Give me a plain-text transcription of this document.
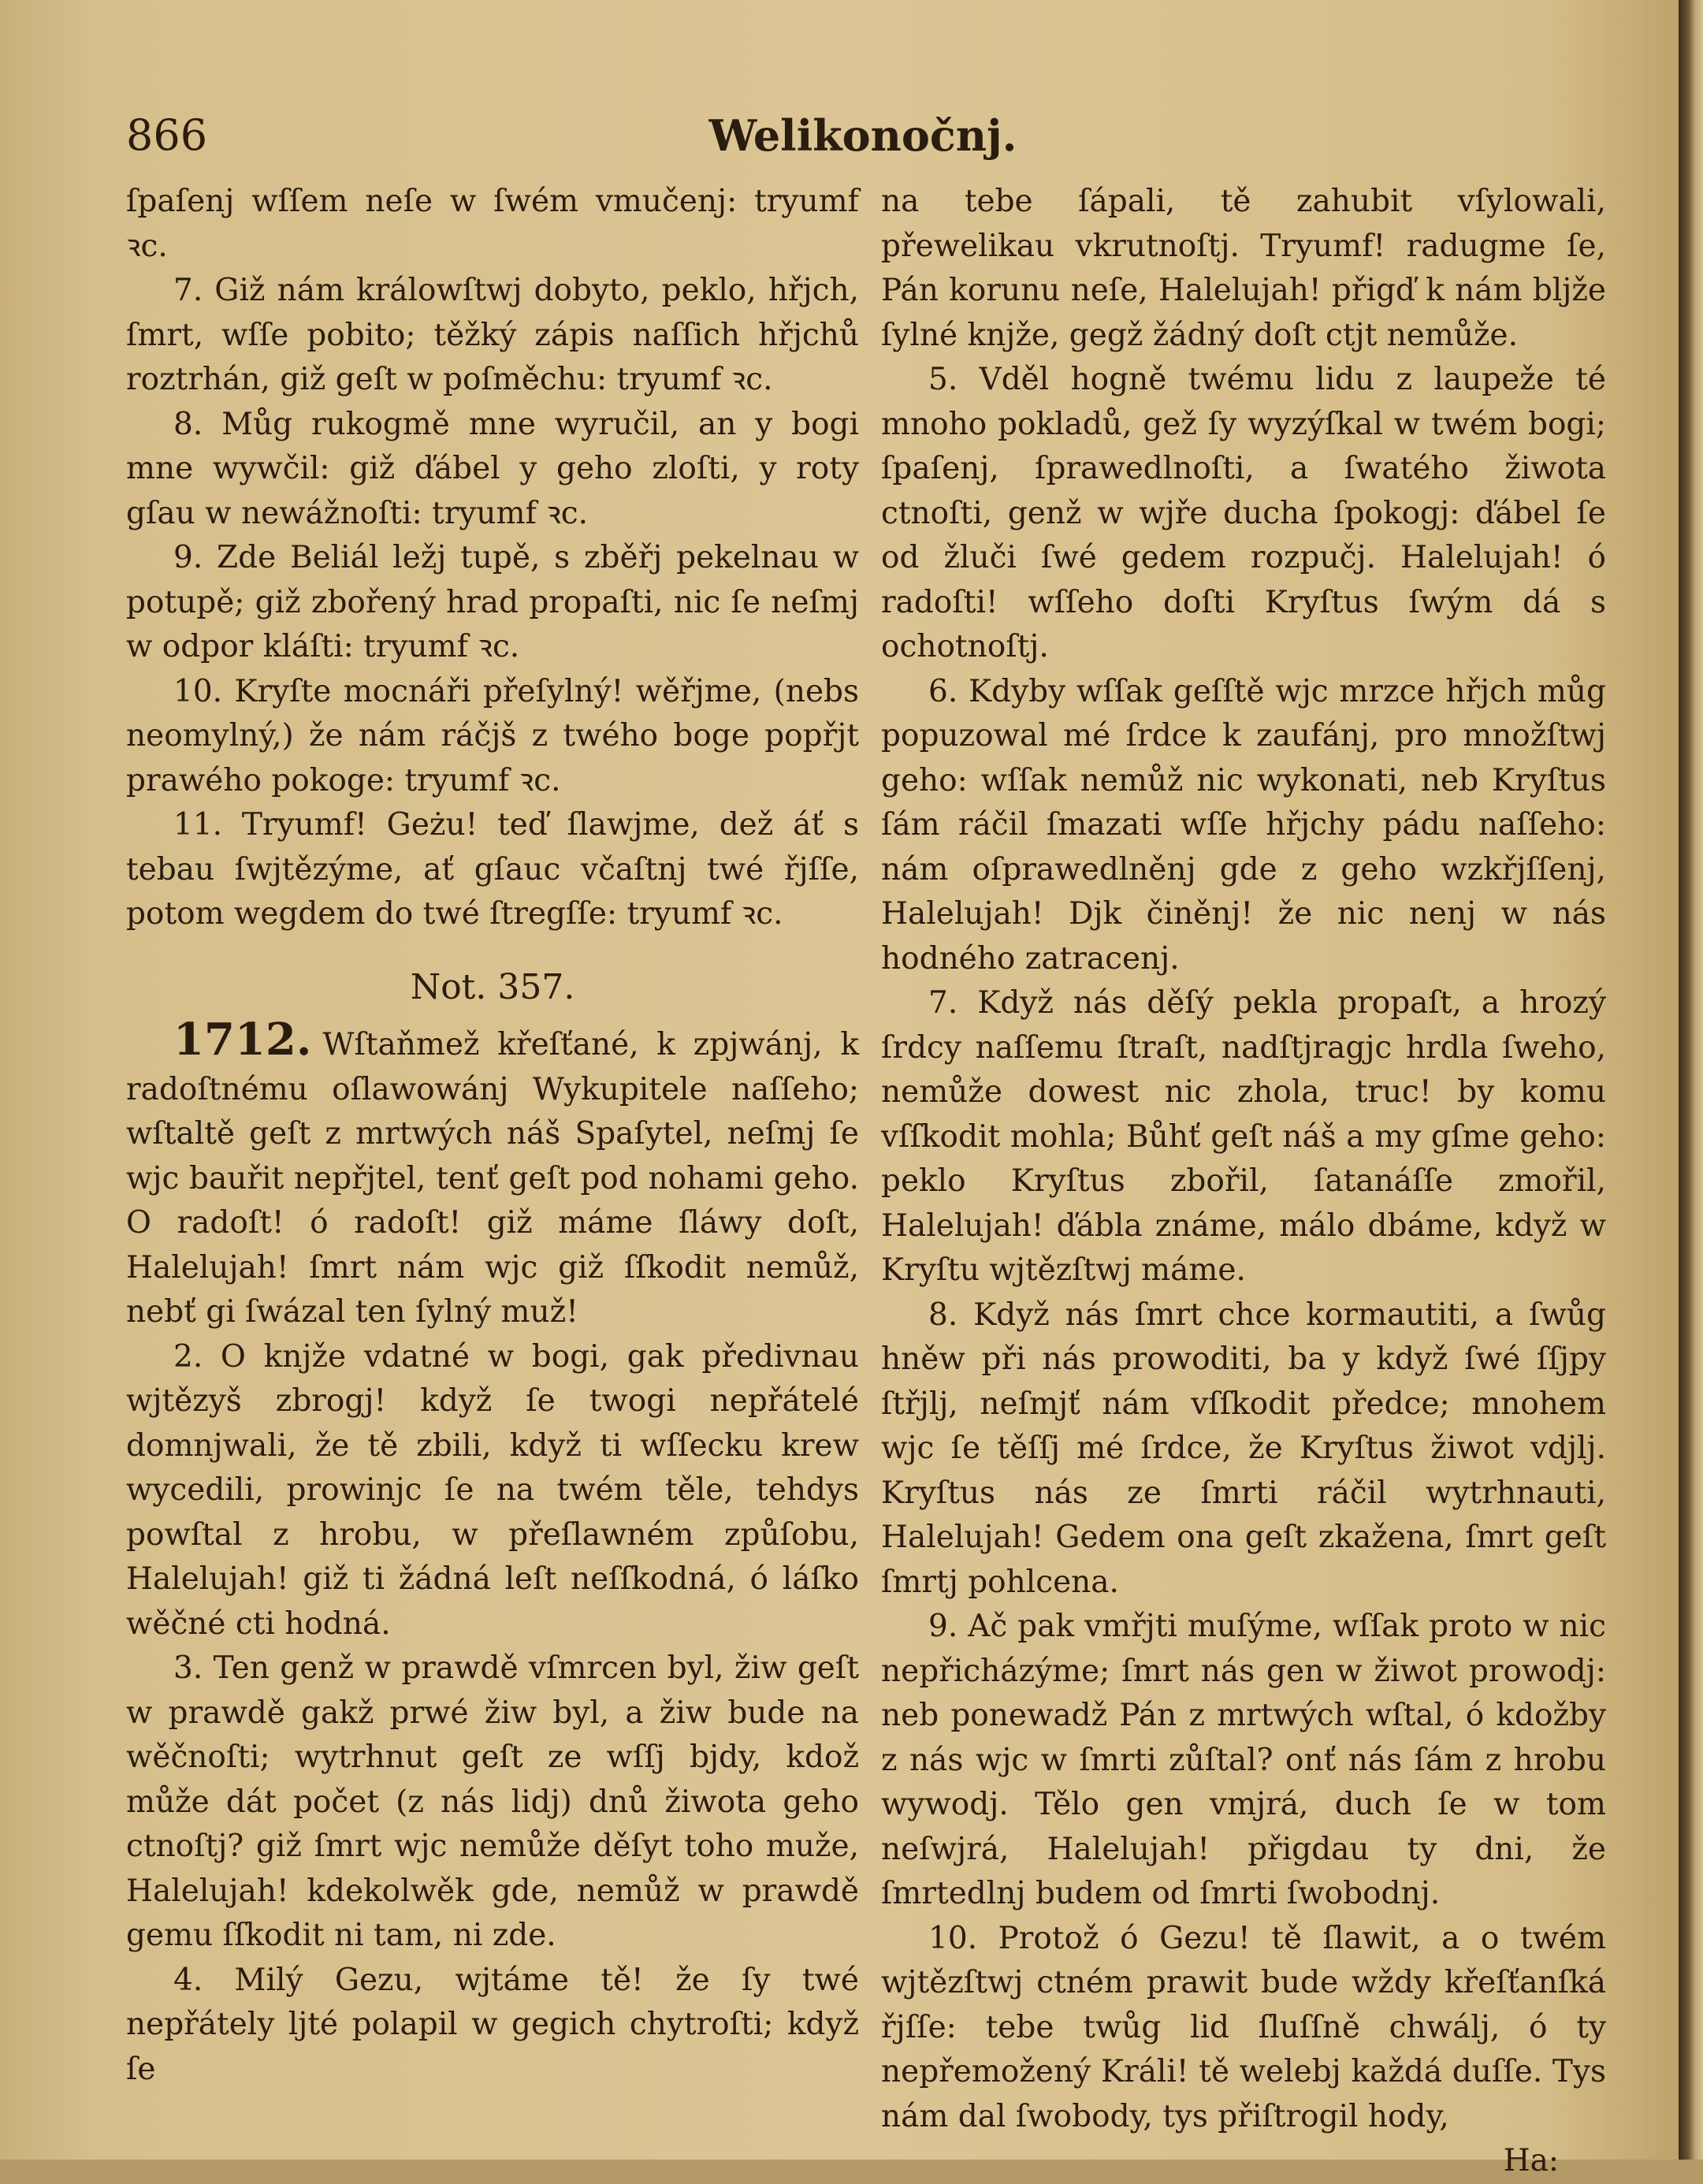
866	Welikonočnj.

ſpaſenj wſſem neſe w ſwém vmučenj: tryumf ꝛc.

7. Giž nám králowſtwj dobyto, peklo, hřjch, ſmrt, wſſe pobito; těžký zápis naſſich hřjchů roztrhán, giž geſt w poſměchu: tryumf ꝛc.

8. Můg rukogmě mne wyručil, an y bogi mne wywčil: giž ďábel y geho zloſti, y roty gſau w newážnoſti: tryumf ꝛc.

9. Zde Beliál ležj tupě, s zběřj pekelnau w potupě; giž zbořený hrad propaſti, nic ſe neſmj w odpor kláſti: tryumf ꝛc.

10. Kryſte mocnáři přeſylný! wěřjme, (nebs neomylný,) že nám ráčjš z twého boge popřjt prawého pokoge: tryumf ꝛc.

11. Tryumf! Geżu! teď ſlawjme, dež áť s tebau ſwjtězýme, ať gſauc včaſtnj twé řjſſe, potom wegdem do twé ſtregſſe: tryumf ꝛc.

Not. 357.

1712. Wſtaňmež křeſťané, k zpjwánj, k radoſtnému oſlawowánj Wykupitele naſſeho; wſtaltě geſt z mrtwých náš Spaſytel, neſmj ſe wjc bauřit nepřjtel, tenť geſt pod nohami geho. O radoſt! ó radoſt! giž máme ſláwy doſt, Halelujah! ſmrt nám wjc giž ſſkodit nemůž, nebť gi ſwázal ten ſylný muž!

2. O knjže vdatné w bogi, gak předivnau wjtězyš zbrogj! když ſe twogi nepřátelé domnjwali, že tě zbili, když ti wſſecku krew wycedili, prowinjc ſe na twém těle, tehdys powſtal z hrobu, w přeſlawném způſobu, Halelujah! giž ti žádná leſt neſſkodná, ó láſko wěčné cti hodná.

3. Ten genž w prawdě vſmrcen byl, žiw geſt w prawdě gakž prwé žiw byl, a žiw bude na wěčnoſti; wytrhnut geſt ze wſſj bjdy, kdož může dát počet (z nás lidj) dnů žiwota geho ctnoſtj? giž ſmrt wjc nemůže děſyt toho muže, Halelujah! kdekolwěk gde, nemůž w prawdě gemu ſſkodit ni tam, ni zde.

4. Milý Gezu, wjtáme tě! že ſy twé nepřátely ljté polapil w gegich chytroſti; když ſe

na tebe ſápali, tě zahubit vſylowali, přewelikau vkrutnoſtj. Tryumf! radugme ſe, Pán korunu neſe, Halelujah! přigď k nám bljže ſylné knjže, gegž žádný doſt ctjt nemůže.

5. Vděl hogně twému lidu z laupeže té mnoho pokladů, gež ſy wyzýſkal w twém bogi; ſpaſenj, ſprawedlnoſti, a ſwatého žiwota ctnoſti, genž w wjře ducha ſpokogj: ďábel ſe od žluči ſwé gedem rozpučj. Halelujah! ó radoſti! wſſeho doſti Kryſtus ſwým dá s ochotnoſtj.

6. Kdyby wſſak geſſtě wjc mrzce hřjch můg popuzowal mé ſrdce k zaufánj, pro množſtwj geho: wſſak nemůž nic wykonati, neb Kryſtus ſám ráčil ſmazati wſſe hřjchy pádu naſſeho: nám oſprawedlněnj gde z geho wzkřjſſenj, Halelujah! Djk činěnj! že nic nenj w nás hodného zatracenj.

7. Když nás děſý pekla propaſt, a hrozý ſrdcy naſſemu ſtraſt, nadſtjragjc hrdla ſweho, nemůže dowest nic zhola, truc! by komu vſſkodit mohla; Bůhť geſt náš a my gſme geho: peklo Kryſtus zbořil, ſatanáſſe zmořil, Halelujah! ďábla známe, málo dbáme, když w Kryſtu wjtězſtwj máme.

8. Když nás ſmrt chce kormautiti, a ſwůg hněw při nás prowoditi, ba y když ſwé ſſjpy ſtřjlj, neſmjť nám vſſkodit předce; mnohem wjc ſe těſſj mé ſrdce, že Kryſtus žiwot vdjlj. Kryſtus nás ze ſmrti ráčil wytrhnauti, Halelujah! Gedem ona geſt zkažena, ſmrt geſt ſmrtj pohlcena.

9. Ač pak vmřjti muſýme, wſſak proto w nic nepřicházýme; ſmrt nás gen w žiwot prowodj: neb ponewadž Pán z mrtwých wſtal, ó kdožby z nás wjc w ſmrti zůſtal? onť nás ſám z hrobu wywodj. Tělo gen vmjrá, duch ſe w tom neſwjrá, Halelujah! přigdau ty dni, že ſmrtedlnj budem od ſmrti ſwobodnj.

10. Protož ó Gezu! tě ſlawit, a o twém wjtězſtwj ctném prawit bude wždy křeſťanſká řjſſe: tebe twůg lid ſluſſně chwálj, ó ty nepřemožený Králi! tě welebj každá duſſe. Tys nám dal ſwobody, tys přiſtrogil hody,

Ha:
